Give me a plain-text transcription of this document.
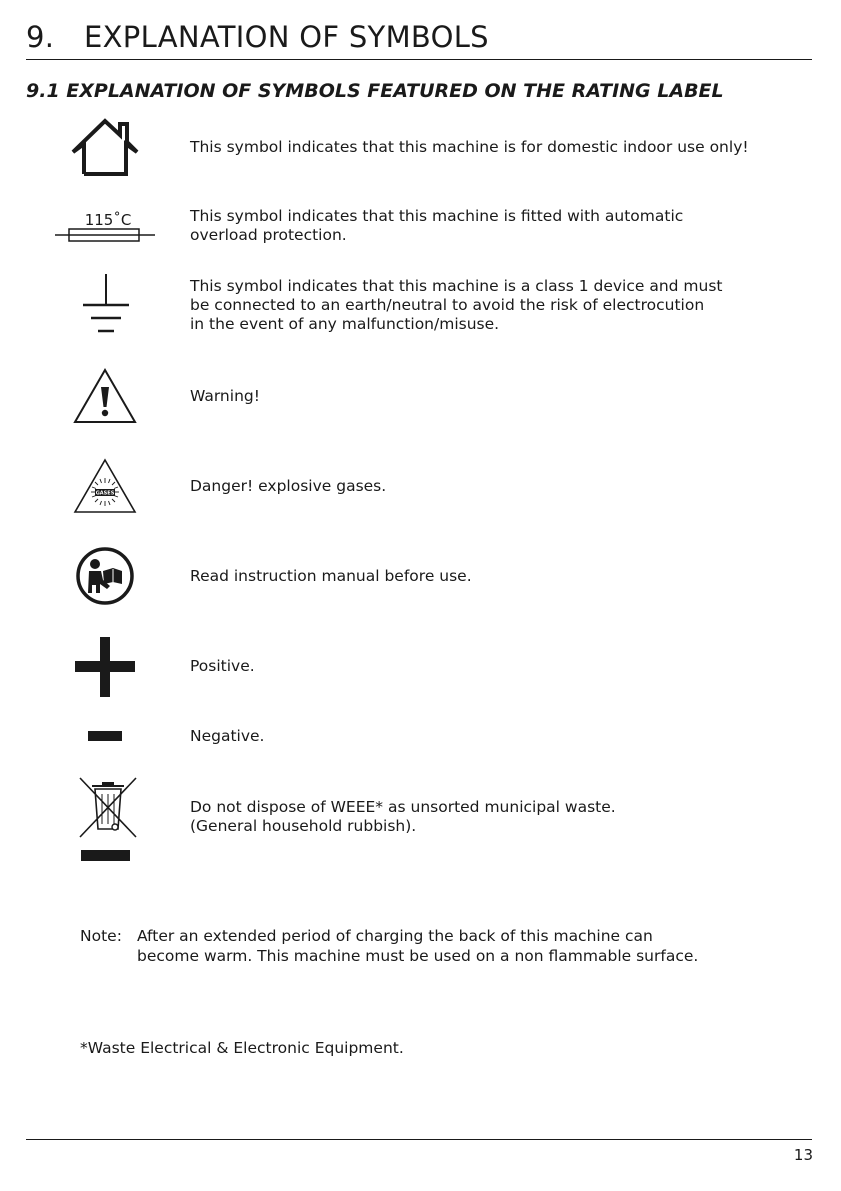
9. EXPLANATION OF SYMBOLS
9.1 EXPLANATION OF SYMBOLS FEATURED ON THE RATING LABEL
This symbol indicates that this machine is for domestic indoor use only!
115˚C	This symbol indicates that this machine is fitted with automatic
overload protection.
This symbol indicates that this machine is a class 1 device and must
be connected to an earth/neutral to avoid the risk of electrocution
in the event of any malfunction/misuse.
Warning!
GASES	Danger! explosive gases.
Read instruction manual before use.
Positive.
Negative.
Do not dispose of WEEE* as unsorted municipal waste.
(General household rubbish).
Note: After an extended period of charging the back of this machine can
become warm. This machine must be used on a non flammable surface.
*Waste Electrical & Electronic Equipment.
13
